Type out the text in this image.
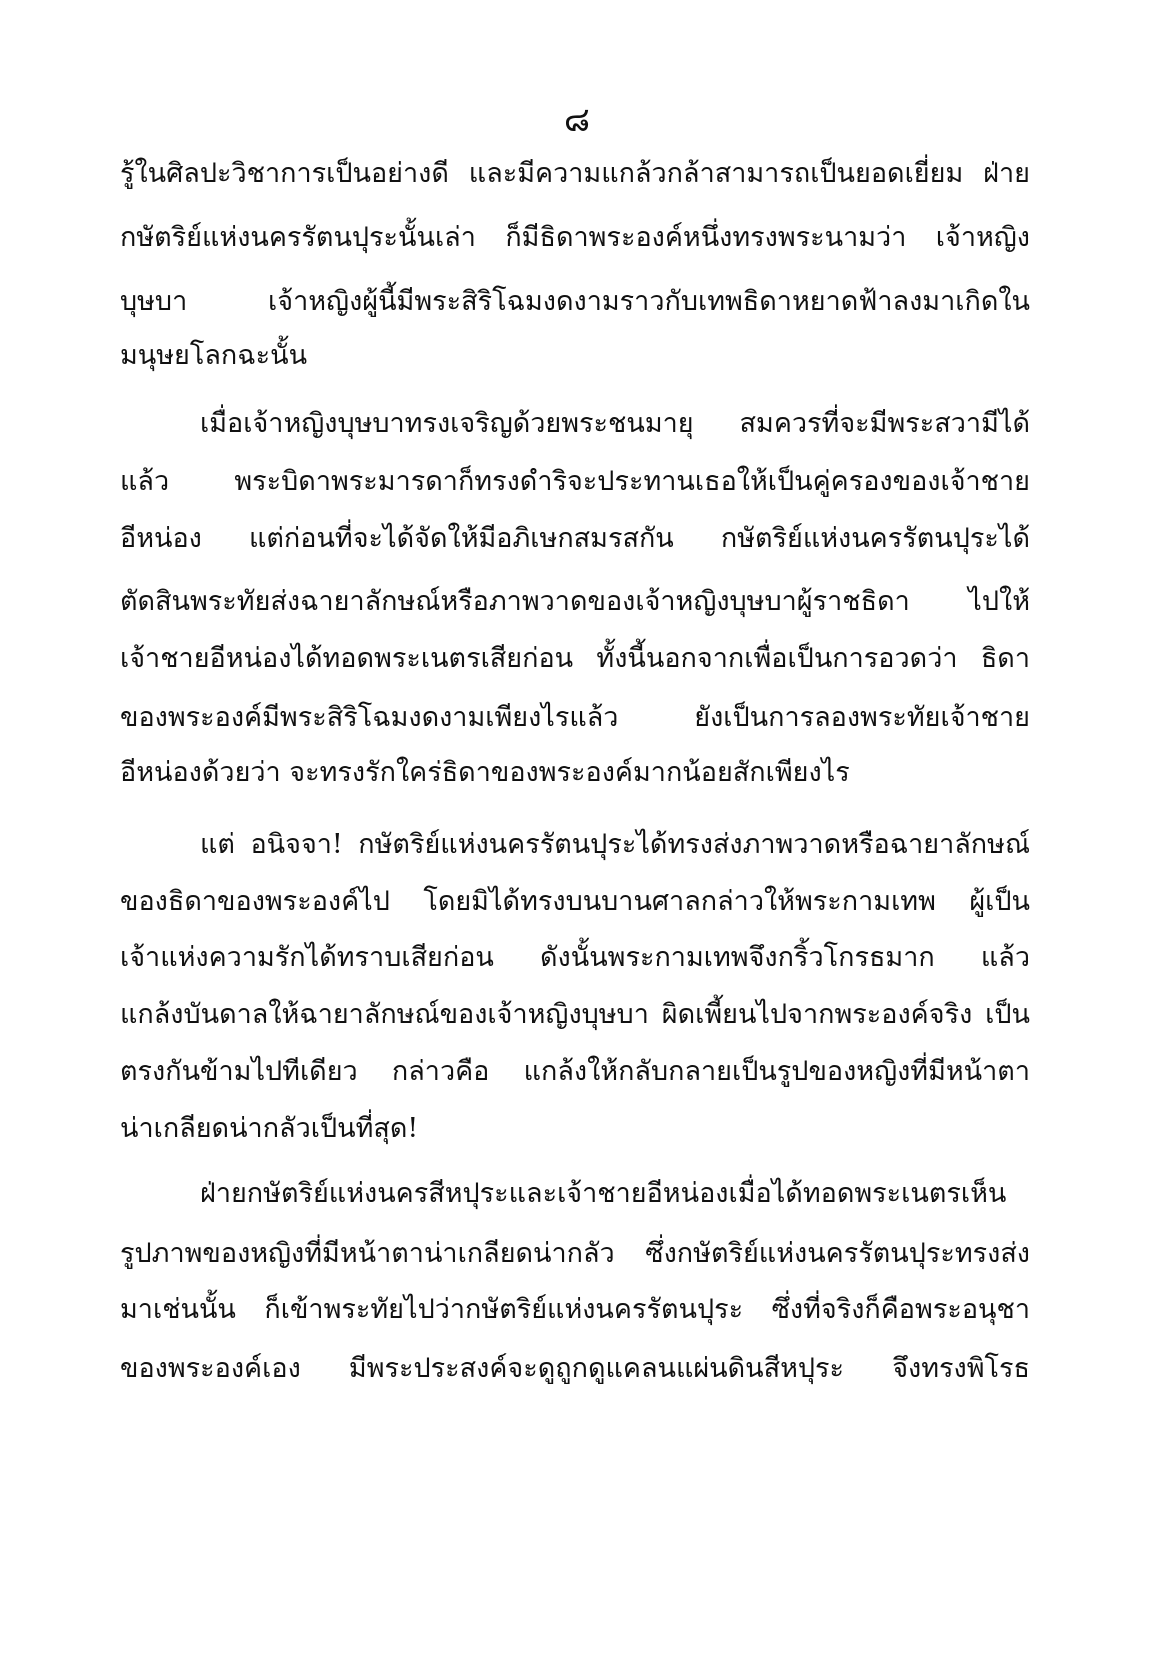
๘
รู้ในศิลปะวิชาการเป็นอย่างดี และมีความแกล้วกล้าสามารถเป็นยอดเยี่ยม ฝ่าย
กษัตริย์แห่งนครรัตนปุระนั้นเล่า ก็มีธิดาพระองค์หนึ่งทรงพระนามว่า เจ้าหญิง
บุษบา เจ้าหญิงผู้นี้มีพระสิริโฉมงดงามราวกับเทพธิดาหยาดฟ้าลงมาเกิดใน
มนุษยโลกฉะนั้น
เมื่อเจ้าหญิงบุษบาทรงเจริญด้วยพระชนมายุ สมควรที่จะมีพระสวามีได้
แล้ว พระบิดาพระมารดาก็ทรงดำริจะประทานเธอให้เป็นคู่ครองของเจ้าชาย
อีหน่อง แต่ก่อนที่จะได้จัดให้มีอภิเษกสมรสกัน กษัตริย์แห่งนครรัตนปุระได้
ตัดสินพระทัยส่งฉายาลักษณ์หรือภาพวาดของเจ้าหญิงบุษบาผู้ราชธิดา ไปให้
เจ้าชายอีหน่องได้ทอดพระเนตรเสียก่อน ทั้งนี้นอกจากเพื่อเป็นการอวดว่า ธิดา
ของพระองค์มีพระสิริโฉมงดงามเพียงไรแล้ว ยังเป็นการลองพระทัยเจ้าชาย
อีหน่องด้วยว่า จะทรงรักใคร่ธิดาของพระองค์มากน้อยสักเพียงไร
แต่ อนิจจา! กษัตริย์แห่งนครรัตนปุระได้ทรงส่งภาพวาดหรือฉายาลักษณ์
ของธิดาของพระองค์ไป โดยมิได้ทรงบนบานศาลกล่าวให้พระกามเทพ ผู้เป็น
เจ้าแห่งความรักได้ทราบเสียก่อน ดังนั้นพระกามเทพจึงกริ้วโกรธมาก แล้ว
แกล้งบันดาลให้ฉายาลักษณ์ของเจ้าหญิงบุษบา ผิดเพี้ยนไปจากพระองค์จริง เป็น
ตรงกันข้ามไปทีเดียว กล่าวคือ แกล้งให้กลับกลายเป็นรูปของหญิงที่มีหน้าตา
น่าเกลียดน่ากลัวเป็นที่สุด!
ฝ่ายกษัตริย์แห่งนครสีหปุระและเจ้าชายอีหน่องเมื่อได้ทอดพระเนตรเห็น
รูปภาพของหญิงที่มีหน้าตาน่าเกลียดน่ากลัว ซึ่งกษัตริย์แห่งนครรัตนปุระทรงส่ง
มาเช่นนั้น ก็เข้าพระทัยไปว่ากษัตริย์แห่งนครรัตนปุระ ซึ่งที่จริงก็คือพระอนุชา
ของพระองค์เอง มีพระประสงค์จะดูถูกดูแคลนแผ่นดินสีหปุระ จึงทรงพิโรธ
